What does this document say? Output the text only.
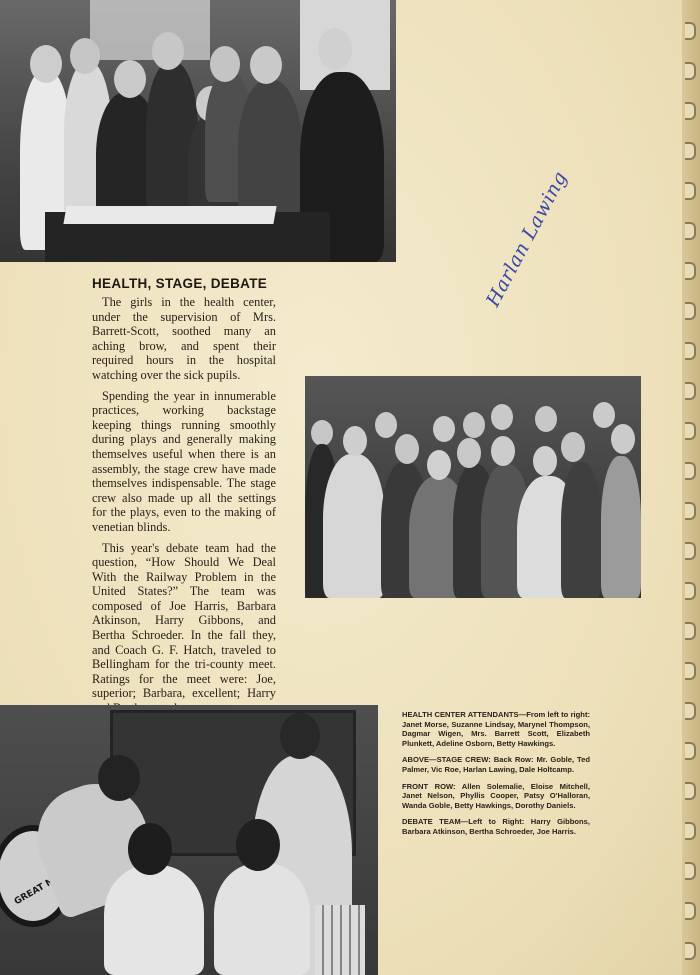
HEALTH, STAGE, DEBATE

The girls in the health center, under the supervision of Mrs. Barrett-Scott, soothed many an aching brow, and spent their required hours in the hospital watching over the sick pupils.

Spending the year in innumerable practices, working backstage keeping things running smoothly during plays and generally making themselves useful when there is an assembly, the stage crew have made themselves indispensable. The stage crew also made up all the settings for the plays, even to the making of venetian blinds.

This year's debate team had the question, “How Should We Deal With the Railway Problem in the United States?” The team was composed of Joe Harris, Barbara Atkinson, Harry Gibbons, and Bertha Schroeder. In the fall they, and Coach G. F. Hatch, traveled to Bellingham for the tri-county meet. Ratings for the meet were: Joe, superior; Barbara, excellent; Harry

Harlan Lawing
GREAT

HEALTH CENTER ATTENDANTS—From left to right: Janet Morse, Suzanne Lindsay, Marynel Thompson, Dagmar Wigen, Mrs. Barrett Scott, Elizabeth Plunkett, Adeline Osborn, Betty Hawkings.

ABOVE—STAGE CREW: Back Row: Mr. Goble, Ted Palmer, Vic Roe, Harlan Lawing, Dale Holtcamp.

FRONT ROW: Allen Solemalie, Eloise Mitchell, Janet Nelson, Phyllis Cooper, Patsy O'Halloran, Wanda Goble, Betty Hawkings, Dorothy Daniels.

DEBATE TEAM—Left to Right: Harry Gibbons, Barbara Atkinson, Bertha Schroeder, Joe Harris.
